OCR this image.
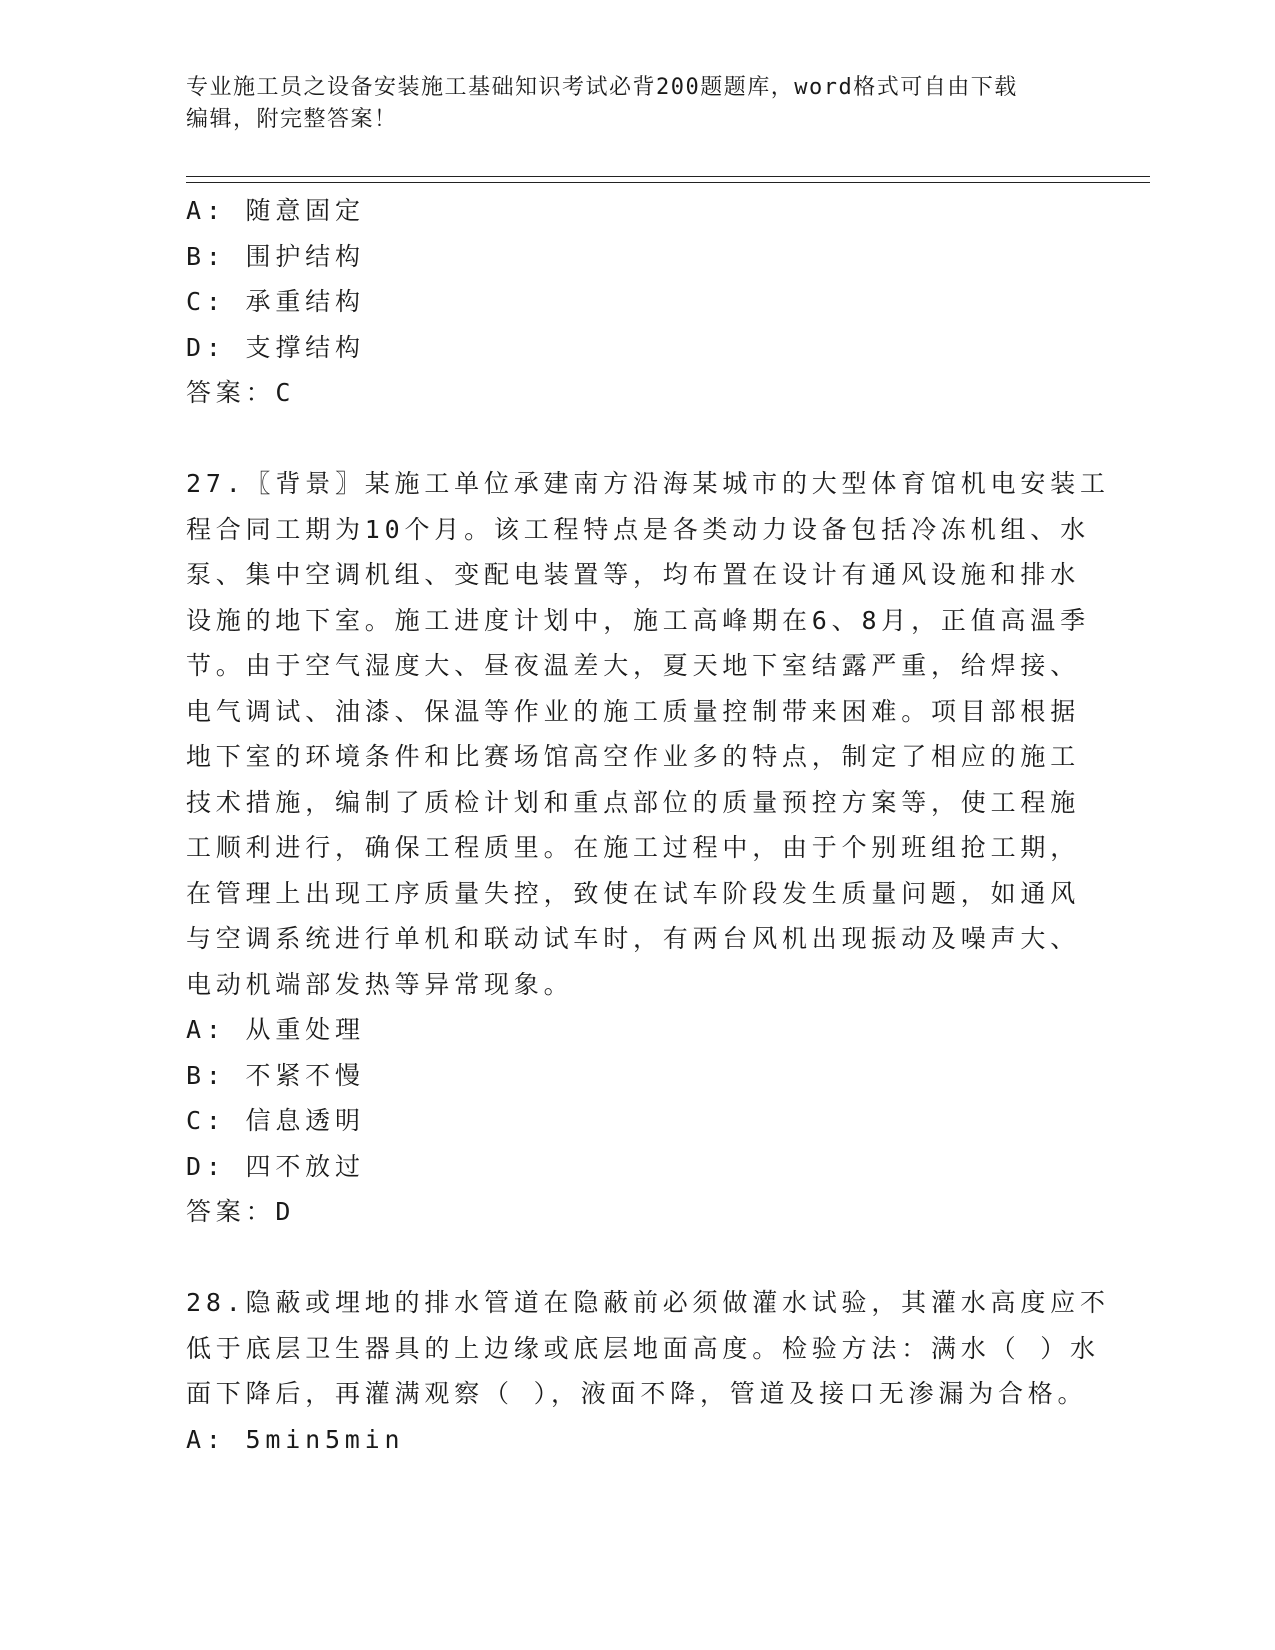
专业施工员之设备安装施工基础知识考试必背200题题库，word格式可自由下载
编辑，附完整答案！
A: 随意固定
B: 围护结构
C: 承重结构
D: 支撑结构
答案：C
27.〖背景〗某施工单位承建南方沿海某城市的大型体育馆机电安装工
程合同工期为10个月。该工程特点是各类动力设备包括冷冻机组、水
泵、集中空调机组、变配电装置等，均布置在设计有通风设施和排水
设施的地下室。施工进度计划中，施工高峰期在6、8月，正值高温季
节。由于空气湿度大、昼夜温差大，夏天地下室结露严重，给焊接、
电气调试、油漆、保温等作业的施工质量控制带来困难。项目部根据
地下室的环境条件和比赛场馆高空作业多的特点，制定了相应的施工
技术措施，编制了质检计划和重点部位的质量预控方案等，使工程施
工顺利进行，确保工程质里。在施工过程中，由于个别班组抢工期，
在管理上出现工序质量失控，致使在试车阶段发生质量问题，如通风
与空调系统进行单机和联动试车时，有两台风机出现振动及噪声大、
电动机端部发热等异常现象。
A: 从重处理
B: 不紧不慢
C: 信息透明
D: 四不放过
答案：D
28.隐蔽或埋地的排水管道在隐蔽前必须做灌水试验，其灌水高度应不
低于底层卫生器具的上边缘或底层地面高度。检验方法：满水（ ）水
面下降后，再灌满观察（ ），液面不降，管道及接口无渗漏为合格。
A: 5min5min
